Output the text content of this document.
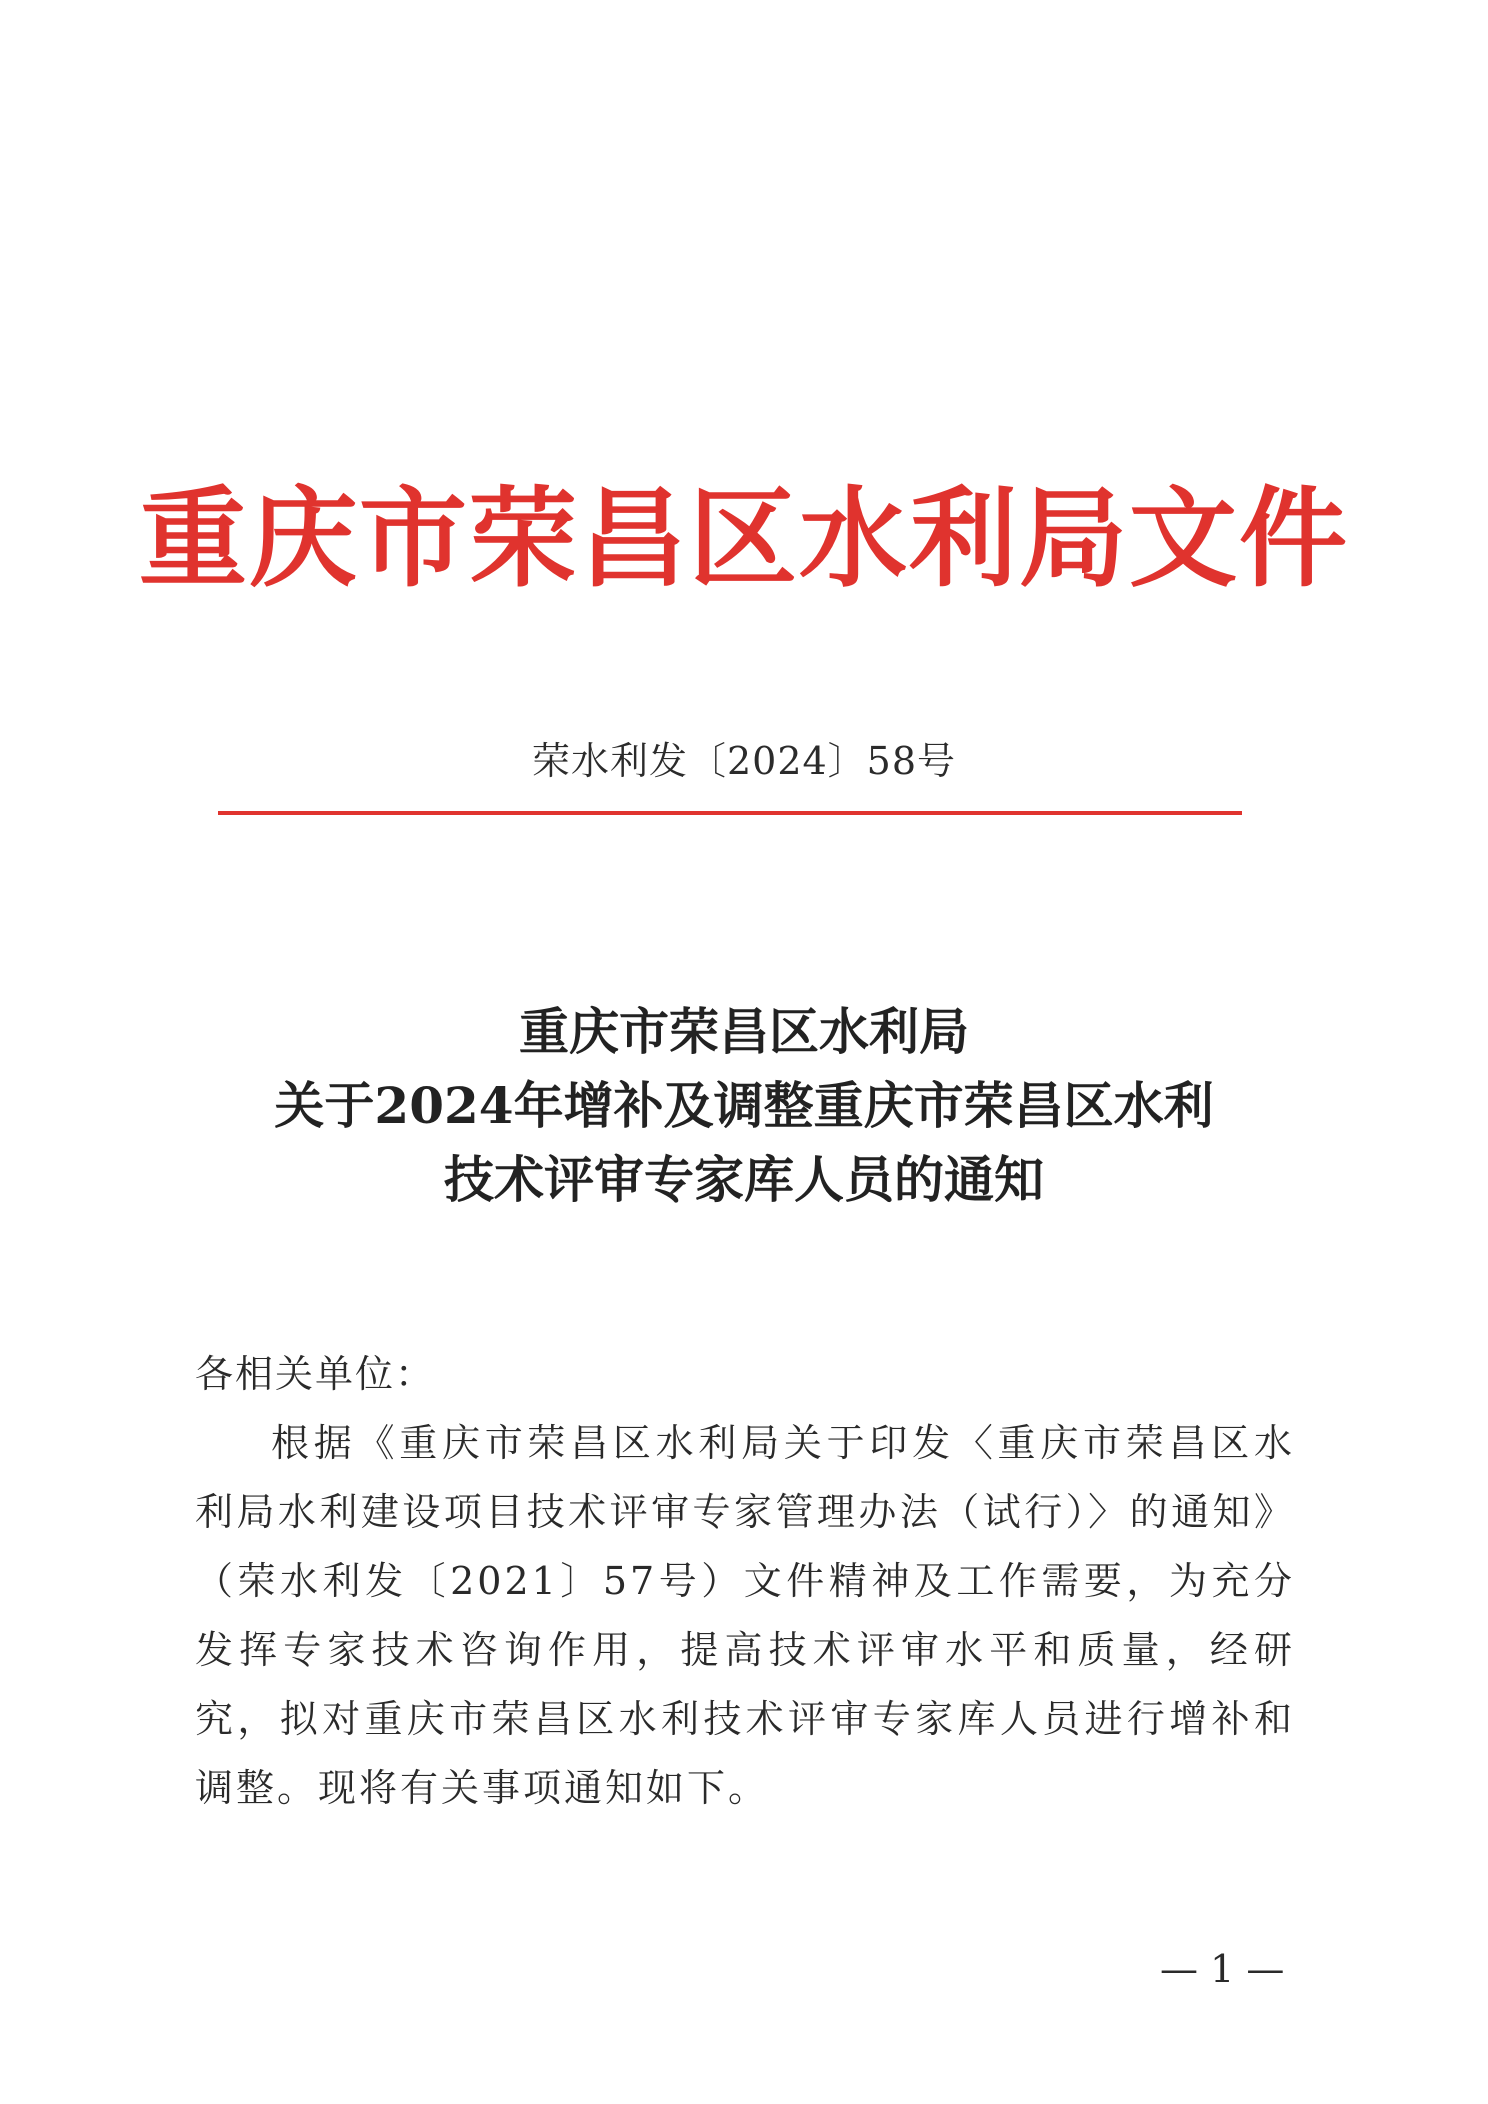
重庆市荣昌区水利局文件
荣水利发〔2024〕58号
重庆市荣昌区水利局
关于2024年增补及调整重庆市荣昌区水利
技术评审专家库人员的通知
各相关单位：
根据《重庆市荣昌区水利局关于印发〈重庆市荣昌区水利局水利建设项目技术评审专家管理办法（试行）〉的通知》（荣水利发〔2021〕57号）文件精神及工作需要，为充分发挥专家技术咨询作用，提高技术评审水平和质量，经研究，拟对重庆市荣昌区水利技术评审专家库人员进行增补和调整。现将有关事项通知如下。
— 1 —
